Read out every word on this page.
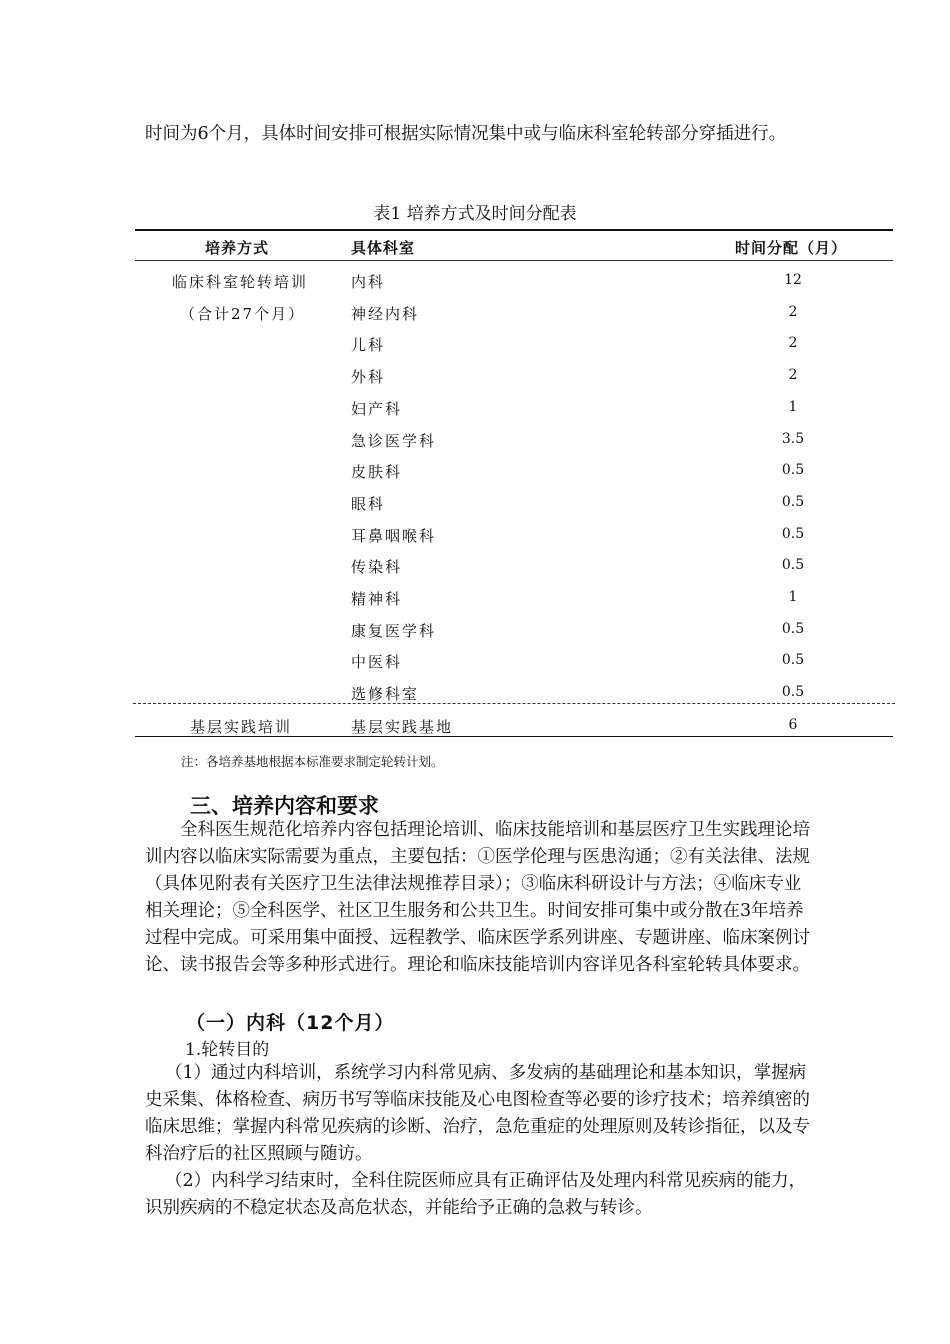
时间为6个月，具体时间安排可根据实际情况集中或与临床科室轮转部分穿插进行。

表1 培养方式及时间分配表
培养方式	具体科室	时间分配（月）
临床科室轮转培训
（合计27个月）
内科	12
神经内科	2
儿科	2
外科	2
妇产科	1
急诊医学科	3.5
皮肤科	0.5
眼科	0.5
耳鼻咽喉科	0.5
传染科	0.5
精神科	1
康复医学科	0.5
中医科	0.5
选修科室	0.5
基层实践培训	基层实践基地	6
注：各培养基地根据本标准要求制定轮转计划。
三、培养内容和要求

全科医生规范化培养内容包括理论培训、临床技能培训和基层医疗卫生实践理论培训内容以临床实际需要为重点，主要包括：①医学伦理与医患沟通；②有关法律、法规（具体见附表有关医疗卫生法律法规推荐目录）；③临床科研设计与方法；④临床专业相关理论；⑤全科医学、社区卫生服务和公共卫生。时间安排可集中或分散在3年培养过程中完成。可采用集中面授、远程教学、临床医学系列讲座、专题讲座、临床案例讨论、读书报告会等多种形式进行。理论和临床技能培训内容详见各科室轮转具体要求。

（一）内科（12个月）
1.轮转目的

（1）通过内科培训，系统学习内科常见病、多发病的基础理论和基本知识，掌握病史采集、体格检查、病历书写等临床技能及心电图检查等必要的诊疗技术；培养缜密的临床思维；掌握内科常见疾病的诊断、治疗，急危重症的处理原则及转诊指征，以及专科治疗后的社区照顾与随访。

（2）内科学习结束时，全科住院医师应具有正确评估及处理内科常见疾病的能力，识别疾病的不稳定状态及高危状态，并能给予正确的急救与转诊。
